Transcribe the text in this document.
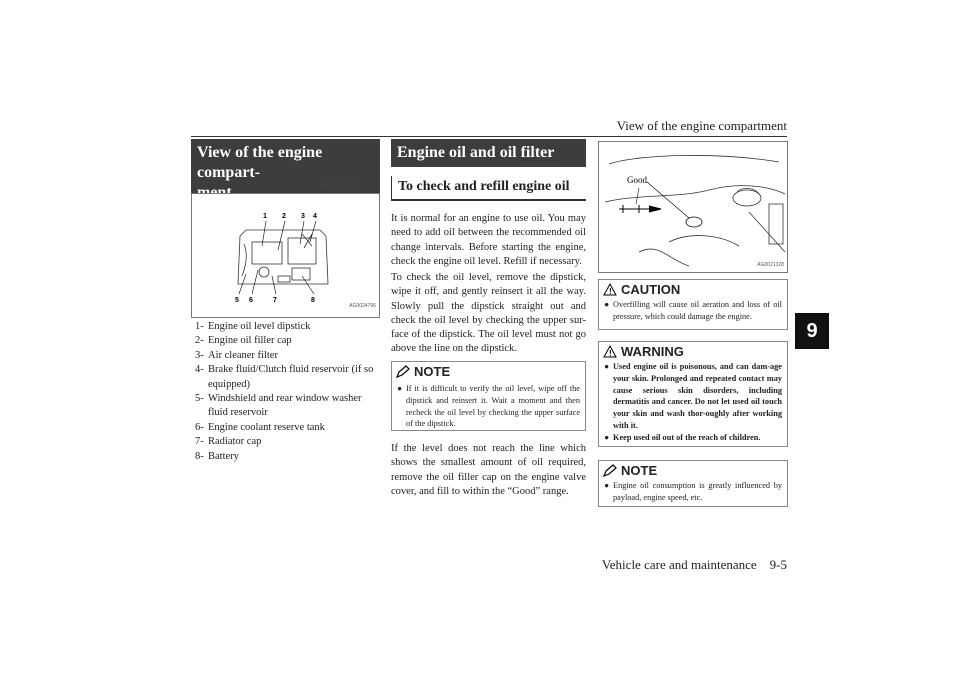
View of the engine compartment
9
View of the engine compart-
N00937600625
1 2 3 4
5 6	7	8
AG0024796
1- Engine oil level dipstick
2- Engine oil filler cap
3- Air cleaner filter
4- Brake fluid/Clutch fluid reservoir (if so equipped)
5- Windshield and rear window washer fluid reservoir
6- Engine coolant reserve tank
7- Radiator cap
8- Battery
Engine oil and oil filter
N00937702053
To check and refill engine oil
It is normal for an engine to use oil. You may need to add oil between the recommended oil change intervals. Before starting the engine, check the engine oil level. Refill if necessary.
To check the oil level, remove the dipstick, wipe it off, and gently reinsert it all the way. Slowly pull the dipstick straight out and check the oil level by checking the upper sur-face of the dipstick. The oil level must not go above the line on the dipstick.
NOTE
● If it is difficult to verify the oil level, wipe off the dipstick and reinsert it. Wait a moment and then recheck the oil level by checking the upper surface of the dipstick.
If the level does not reach the line which shows the smallest amount of oil required, remove the oil filler cap on the engine valve cover, and fill to within the “Good” range.
Good
AG0021328
! CAUTION
● Overfilling will cause oil aeration and loss of oil pressure, which could damage the engine.
! WARNING
● Used engine oil is poisonous, and can dam-age your skin. Prolonged and repeated contact may cause serious skin disorders, including dermatitis and cancer. Do not let used oil touch your skin and wash thor-oughly after working with it.
● Keep used oil out of the reach of children.
NOTE
● Engine oil consumption is greatly influenced by payload, engine speed, etc.
Vehicle care and maintenance    9-5
